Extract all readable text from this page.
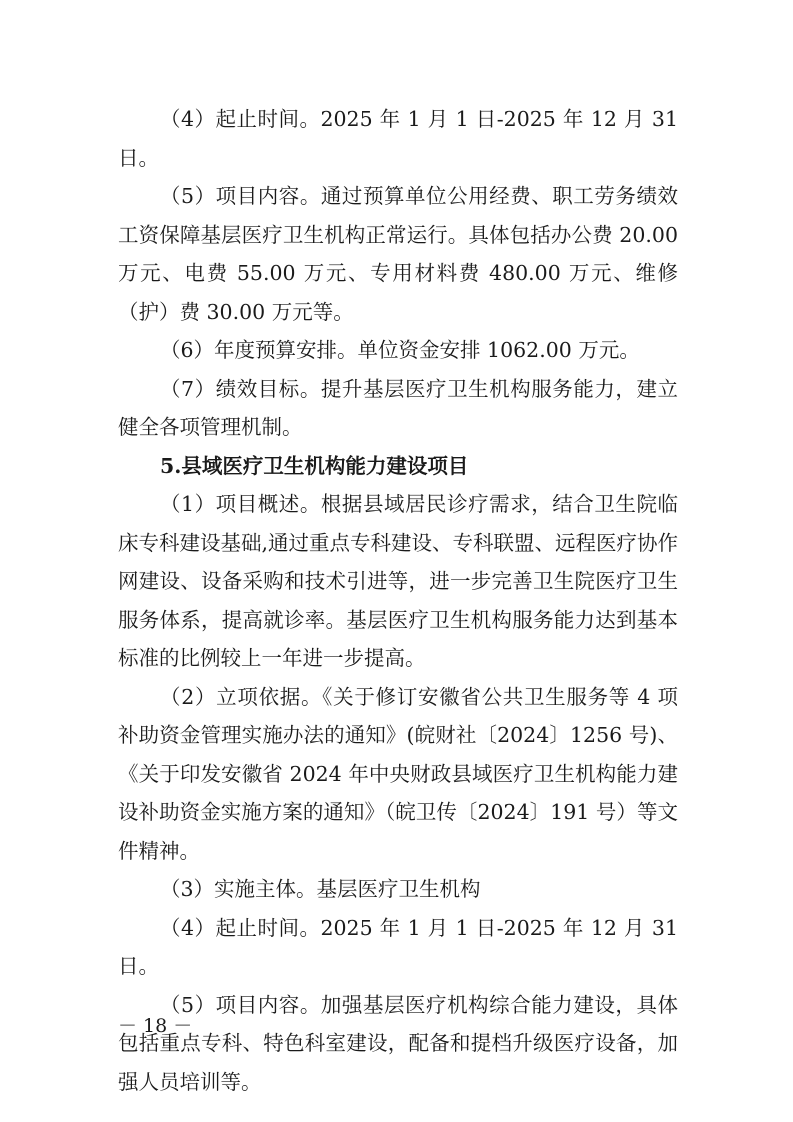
（4）起止时间。2025 年 1 月 1 日-2025 年 12 月 31 日。

（5）项目内容。通过预算单位公用经费、职工劳务绩效工资保障基层医疗卫生机构正常运行。具体包括办公费 20.00 万元、电费 55.00 万元、专用材料费 480.00 万元、维修（护）费 30.00 万元等。

（6）年度预算安排。单位资金安排 1062.00 万元。

（7）绩效目标。提升基层医疗卫生机构服务能力，建立健全各项管理机制。

5.县域医疗卫生机构能力建设项目

（1）项目概述。根据县域居民诊疗需求，结合卫生院临床专科建设基础,通过重点专科建设、专科联盟、远程医疗协作网建设、设备采购和技术引进等，进一步完善卫生院医疗卫生服务体系，提高就诊率。基层医疗卫生机构服务能力达到基本标准的比例较上一年进一步提高。

（2）立项依据。《关于修订安徽省公共卫生服务等 4 项补助资金管理实施办法的通知》(皖财社〔2024〕1256 号)、《关于印发安徽省 2024 年中央财政县域医疗卫生机构能力建设补助资金实施方案的通知》（皖卫传〔2024〕191 号）等文件精神。

（3）实施主体。基层医疗卫生机构

（4）起止时间。2025 年 1 月 1 日-2025 年 12 月 31 日。

（5）项目内容。加强基层医疗机构综合能力建设，具体包括重点专科、特色科室建设，配备和提档升级医疗设备，加强人员培训等。

－ 18 －
